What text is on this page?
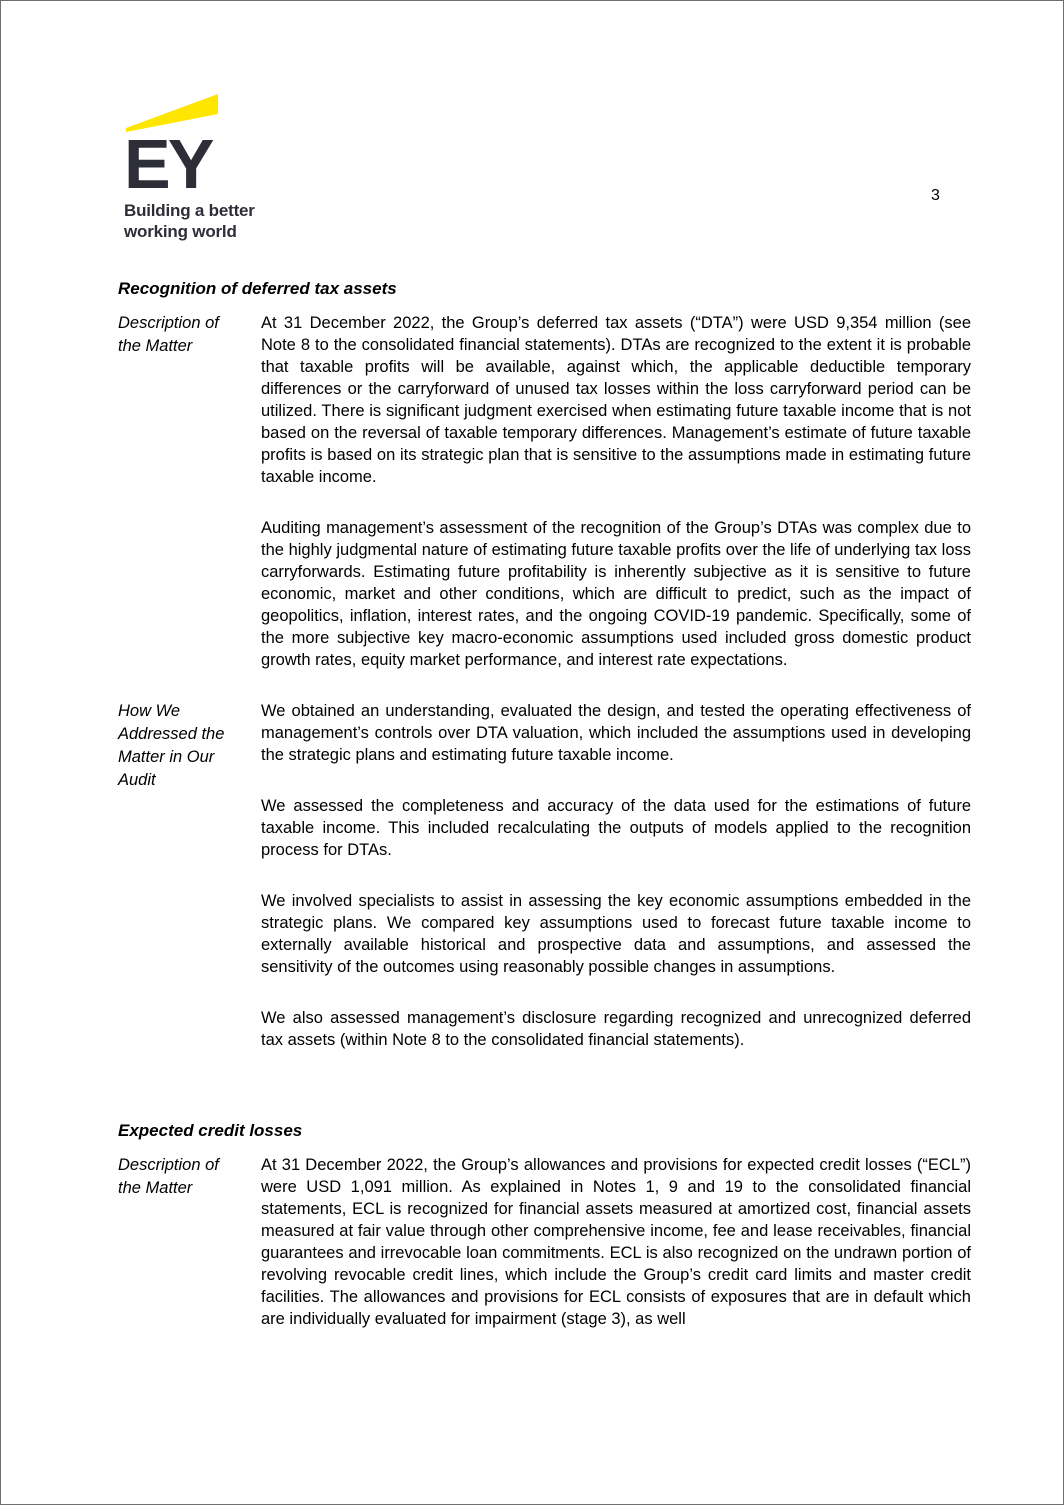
EY
Building a better
working world
3
Recognition of deferred tax assets
Description of the Matter

At 31 December 2022, the Group’s deferred tax assets (“DTA”) were USD 9,354 million (see Note 8 to the consolidated financial statements). DTAs are recognized to the extent it is probable that taxable profits will be available, against which, the applicable deductible temporary differences or the carryforward of unused tax losses within the loss carryforward period can be utilized. There is significant judgment exercised when estimating future taxable income that is not based on the reversal of taxable temporary differences. Management’s estimate of future taxable profits is based on its strategic plan that is sensitive to the assumptions made in estimating future taxable income.

Auditing management’s assessment of the recognition of the Group’s DTAs was complex due to the highly judgmental nature of estimating future taxable profits over the life of underlying tax loss carryforwards. Estimating future profitability is inherently subjective as it is sensitive to future economic, market and other conditions, which are difficult to predict, such as the impact of geopolitics, inflation, interest rates, and the ongoing COVID-19 pandemic. Specifically, some of the more subjective key macro-economic assumptions used included gross domestic product growth rates, equity market performance, and interest rate expectations.

How We Addressed the Matter in Our Audit

We obtained an understanding, evaluated the design, and tested the operating effectiveness of management’s controls over DTA valuation, which included the assumptions used in developing the strategic plans and estimating future taxable income.

We assessed the completeness and accuracy of the data used for the estimations of future taxable income. This included recalculating the outputs of models applied to the recognition process for DTAs.

We involved specialists to assist in assessing the key economic assumptions embedded in the strategic plans. We compared key assumptions used to forecast future taxable income to externally available historical and prospective data and assumptions, and assessed the sensitivity of the outcomes using reasonably possible changes in assumptions.

We also assessed management’s disclosure regarding recognized and unrecognized deferred tax assets (within Note 8 to the consolidated financial statements).

Expected credit losses
Description of the Matter

At 31 December 2022, the Group’s allowances and provisions for expected credit losses (“ECL”) were USD 1,091 million. As explained in Notes 1, 9 and 19 to the consolidated financial statements, ECL is recognized for financial assets measured at amortized cost, financial assets measured at fair value through other comprehensive income, fee and lease receivables, financial guarantees and irrevocable loan commitments. ECL is also recognized on the undrawn portion of revolving revocable credit lines, which include the Group’s credit card limits and master credit facilities. The allowances and provisions for ECL consists of exposures that are in default which are individually evaluated for impairment (stage 3), as well
